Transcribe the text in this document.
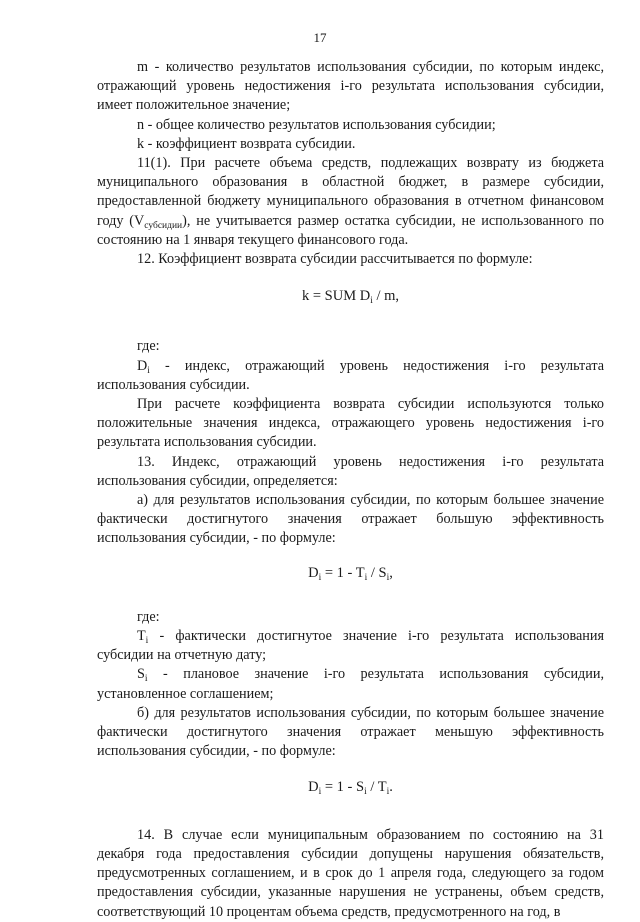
17

m - количество результатов использования субсидии, по которым индекс, отражающий уровень недостижения i-го результата использования субсидии, имеет положительное значение;

n - общее количество результатов использования субсидии;

k - коэффициент возврата субсидии.

11(1). При расчете объема средств, подлежащих возврату из бюджета муниципального образования в областной бюджет, в размере субсидии, предоставленной бюджету муниципального образования в отчетном финансовом году $(V_{субсидии})$, не учитывается размер остатка субсидии, не использованного по состоянию на 1 января текущего финансового года.

12. Коэффициент возврата субсидии рассчитывается по формуле:

k = SUM $D_i$ / m,

где:

$D_i$ - индекс, отражающий уровень недостижения i-го результата использования субсидии.

При расчете коэффициента возврата субсидии используются только положительные значения индекса, отражающего уровень недостижения i-го результата использования субсидии.

13. Индекс, отражающий уровень недостижения i-го результата использования субсидии, определяется:

а) для результатов использования субсидии, по которым большее значение фактически достигнутого значения отражает большую эффективность использования субсидии, - по формуле:

$D_i = 1 - T_i / S_i$,

где:

$T_i$ - фактически достигнутое значение i-го результата использования субсидии на отчетную дату;

$S_i$ - плановое значение i-го результата использования субсидии, установленное соглашением;

б) для результатов использования субсидии, по которым большее значение фактически достигнутого значения отражает меньшую эффективность использования субсидии, - по формуле:

$D_i = 1 - S_i / T_i$.

14. В случае если муниципальным образованием по состоянию на 31 декабря года предоставления субсидии допущены нарушения обязательств, предусмотренных соглашением, и в срок до 1 апреля года, следующего за годом предоставления субсидии, указанные нарушения не устранены, объем средств, соответствующий 10 процентам объема средств, предусмотренного на год, в
